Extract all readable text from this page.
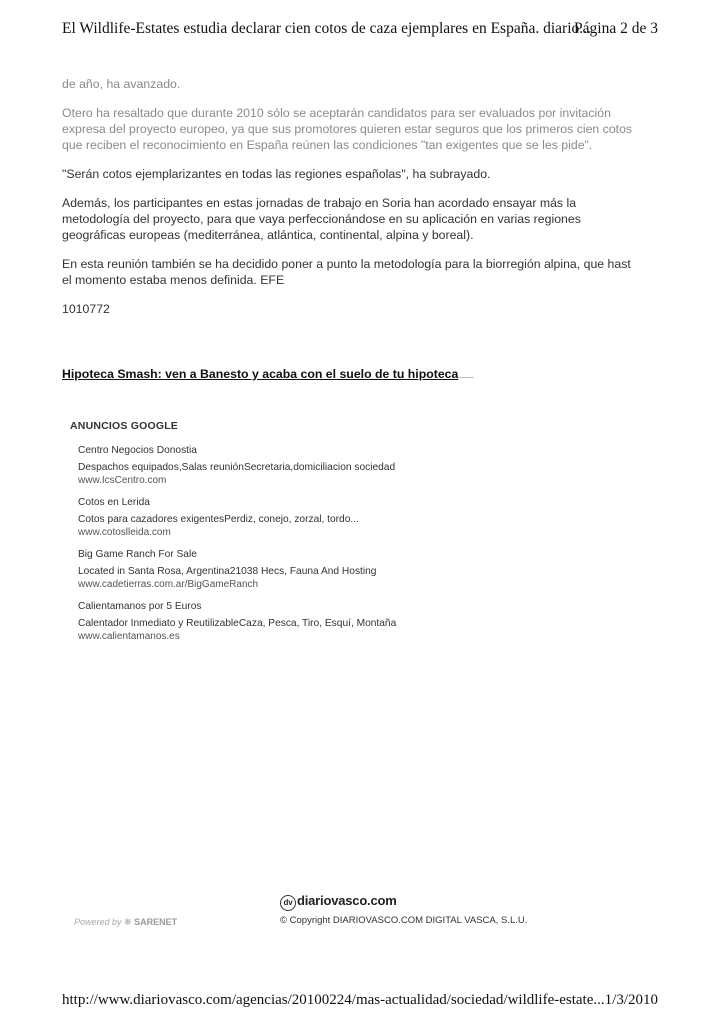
El Wildlife-Estates estudia declarar cien cotos de caza ejemplares en España. diario...
Página 2 de 3

de año, ha avanzado.

Otero ha resaltado que durante 2010 sólo se aceptarán candidatos para ser evaluados por invitación
expresa del proyecto europeo, ya que sus promotores quieren estar seguros que los primeros cien cotos
que reciben el reconocimiento en España reúnen las condiciones "tan exigentes que se les pide".

"Serán cotos ejemplarizantes en todas las regiones españolas", ha subrayado.

Además, los participantes en estas jornadas de trabajo en Soria han acordado ensayar más la
metodología del proyecto, para que vaya perfeccionándose en su aplicación en varias regiones
geográficas europeas (mediterránea, atlántica, continental, alpina y boreal).

En esta reunión también se ha decidido poner a punto la metodología para la biorregión alpina, que hast
el momento estaba menos definida. EFE

1010772

Hipoteca Smash: ven a Banesto y acaba con el suelo de tu hipoteca
ANUNCIOS GOOGLE
Centro Negocios Donostia
Despachos equipados,Salas reuniónSecretaria,domiciliacion sociedad
www.IcsCentro.com
Cotos en Lerida
Cotos para cazadores exigentesPerdiz, conejo, zorzal, tordo...
www.cotoslleida.com
Big Game Ranch For Sale
Located in Santa Rosa, Argentina21038 Hecs, Fauna And Hosting
www.cadetierras.com.ar/BigGameRanch
Calientamanos por 5 Euros
Calentador Inmediato y ReutilizableCaza, Pesca, Tiro, Esquí, Montaña
www.calientamanos.es
dv diariovasco.com
© Copyright DIARIOVASCO.COM DIGITAL VASCA, S.L.U.
Powered by ❋ SARENET
http://www.diariovasco.com/agencias/20100224/mas-actualidad/sociedad/wildlife-estate... 1/3/2010
